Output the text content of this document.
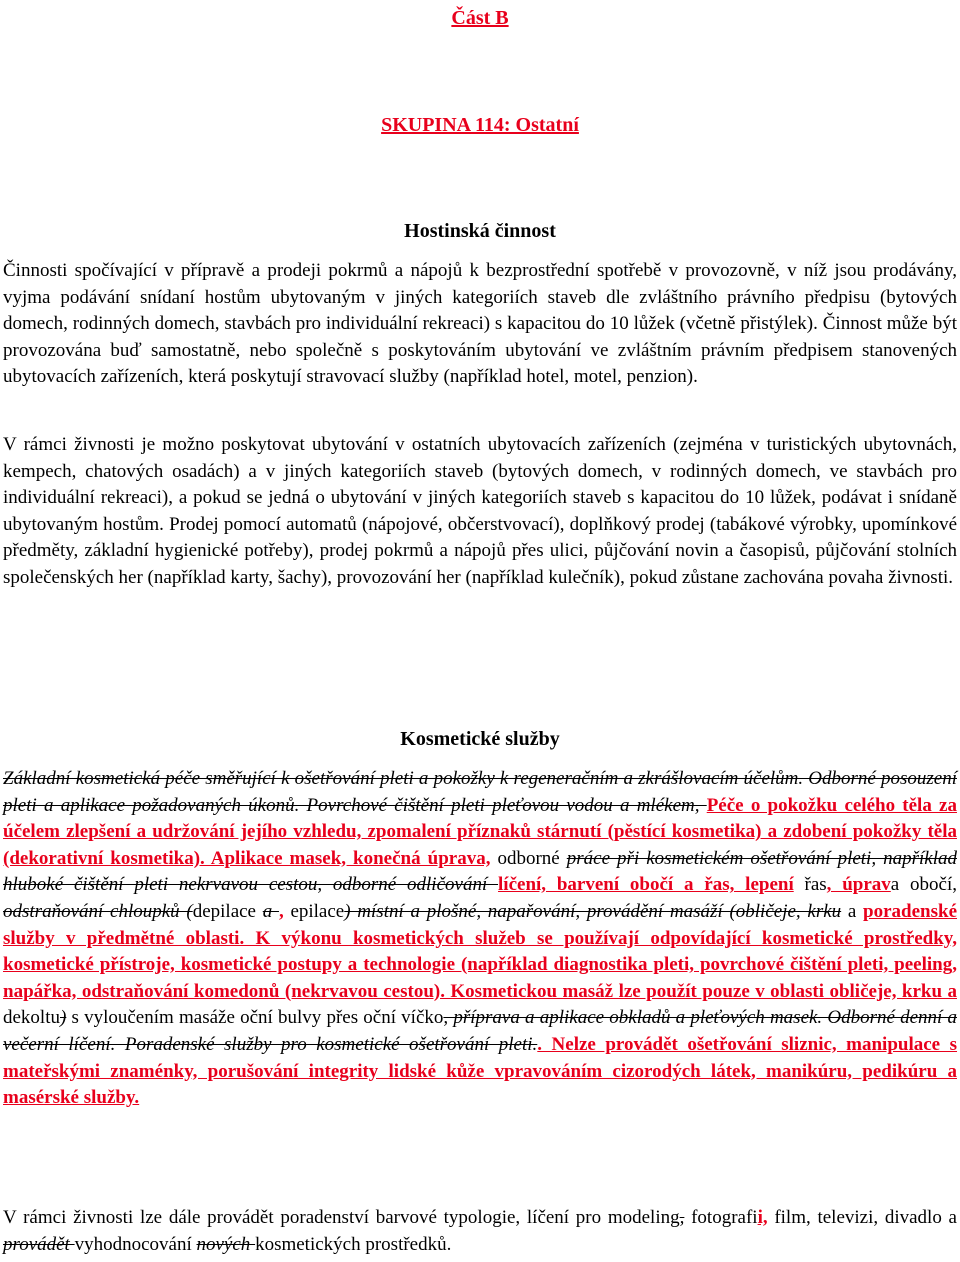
Část B
SKUPINA 114: Ostatní
Hostinská činnost

Činnosti spočívající v přípravě a prodeji pokrmů a nápojů k bezprostřední spotřebě v provozovně, v níž jsou prodávány, vyjma podávání snídaní hostům ubytovaným v jiných kategoriích staveb dle zvláštního právního předpisu (bytových domech, rodinných domech, stavbách pro individuální rekreaci) s kapacitou do 10 lůžek (včetně přistýlek). Činnost může být provozována buď samostatně, nebo společně s poskytováním ubytování ve zvláštním právním předpisem stanovených ubytovacích zařízeních, která poskytují stravovací služby (například hotel, motel, penzion).

V rámci živnosti je možno poskytovat ubytování v ostatních ubytovacích zařízeních (zejména v turistických ubytovnách, kempech, chatových osadách) a v jiných kategoriích staveb (bytových domech, v rodinných domech, ve stavbách pro individuální rekreaci), a pokud se jedná o ubytování v jiných kategoriích staveb s kapacitou do 10 lůžek, podávat i snídaně ubytovaným hostům. Prodej pomocí automatů (nápojové, občerstvovací), doplňkový prodej (tabákové výrobky, upomínkové předměty, základní hygienické potřeby), prodej pokrmů a nápojů přes ulici, půjčování novin a časopisů, půjčování stolních společenských her (například karty, šachy), provozování her (například kulečník), pokud zůstane zachována povaha živnosti.

Kosmetické služby

Základní kosmetická péče směřující k ošetřování pleti a pokožky k regeneračním a zkrášlovacím účelům. Odborné posouzení pleti a aplikace požadovaných úkonů. Povrchové čištění pleti pleťovou vodou a mlékem, Péče o pokožku celého těla za účelem zlepšení a udržování jejího vzhledu, zpomalení příznaků stárnutí (pěstící kosmetika) a zdobení pokožky těla (dekorativní kosmetika). Aplikace masek, konečná úprava, odborné práce při kosmetickém ošetřování pleti, například hluboké čištění pleti nekrvavou cestou, odborné odličování líčení, barvení obočí a řas, lepení řas, úprava obočí, odstraňování chloupků (depilace a , epilace) místní a plošné, napařování, provádění masáží (obličeje, krku a poradenské služby v předmětné oblasti. K výkonu kosmetických služeb se používají odpovídající kosmetické prostředky, kosmetické přístroje, kosmetické postupy a technologie (například diagnostika pleti, povrchové čištění pleti, peeling, napářka, odstraňování komedonů (nekrvavou cestou). Kosmetickou masáž lze použít pouze v oblasti obličeje, krku a dekoltu) s vyloučením masáže oční bulvy přes oční víčko, příprava a aplikace obkladů a pleťových masek. Odborné denní a večerní líčení. Poradenské služby pro kosmetické ošetřování pleti.. Nelze provádět ošetřování sliznic, manipulace s mateřskými znaménky, porušování integrity lidské kůže vpravováním cizorodých látek, manikúru, pedikúru a masérské služby.

V rámci živnosti lze dále provádět poradenství barvové typologie, líčení pro modeling, fotografii, film, televizi, divadlo a provádět vyhodnocování nových kosmetických prostředků.
